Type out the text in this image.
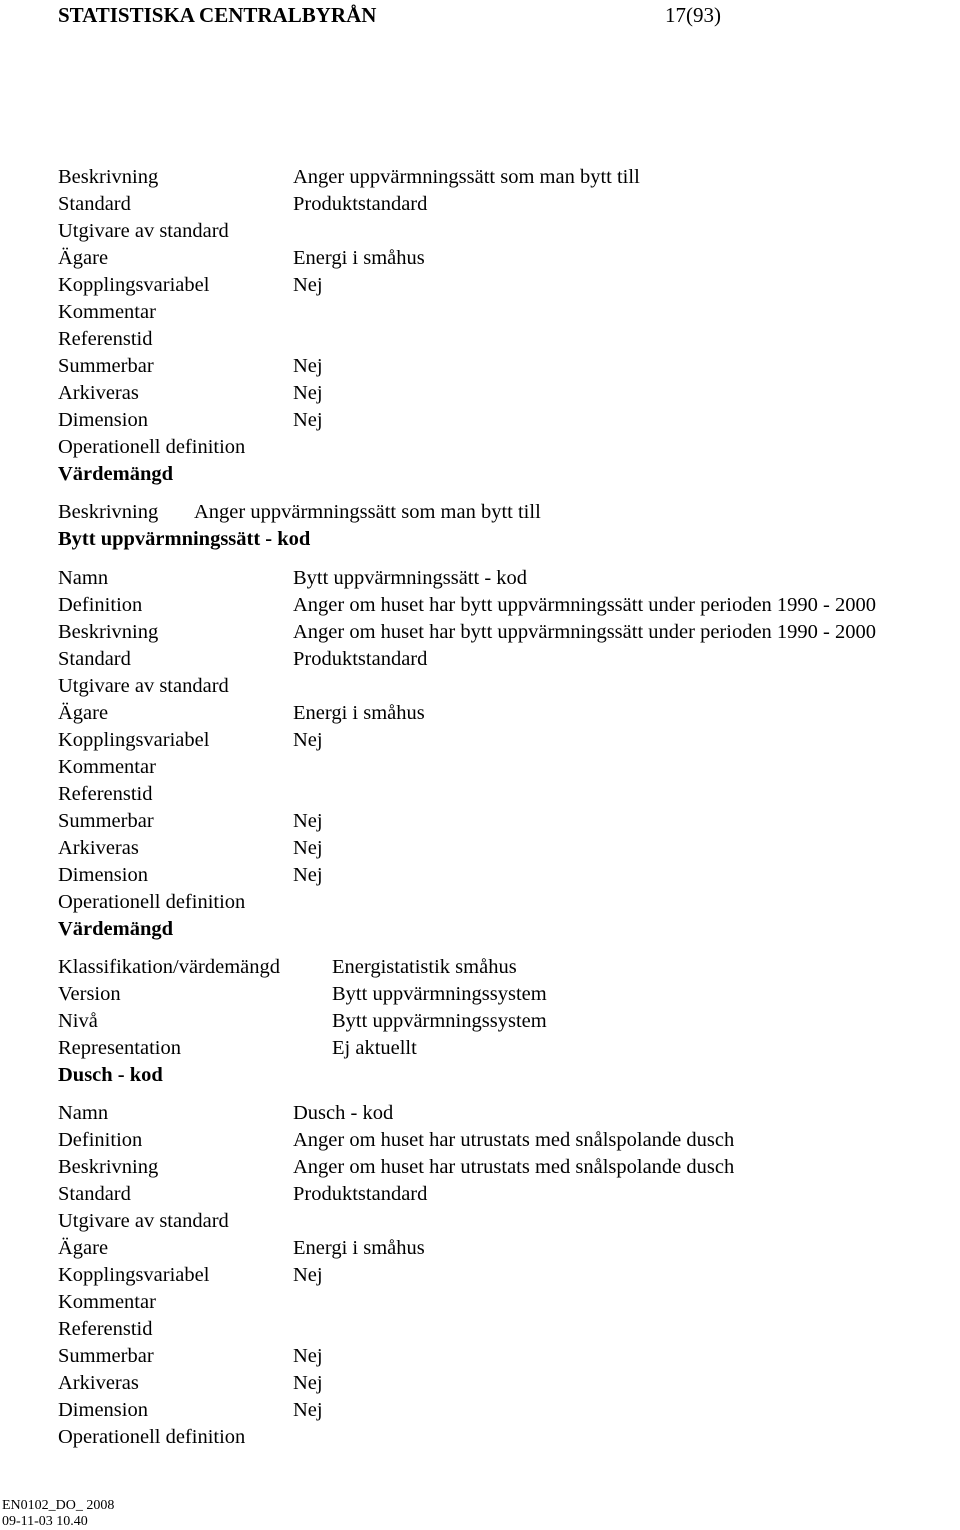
STATISTISKA CENTRALBYRÅN	17(93)
Beskrivning	Anger uppvärmningssätt som man bytt till
Standard	Produktstandard
Utgivare av standard
Ägare	Energi i småhus
Kopplingsvariabel	Nej
Kommentar
Referenstid
Summerbar	Nej
Arkiveras	Nej
Dimension	Nej
Operationell definition
Värdemängd
Beskrivning Anger uppvärmningssätt som man bytt till
Bytt uppvärmningssätt - kod
Namn	Bytt uppvärmningssätt - kod
Definition	Anger om huset har bytt uppvärmningssätt under perioden 1990 - 2000
Beskrivning	Anger om huset har bytt uppvärmningssätt under perioden 1990 - 2000
Standard	Produktstandard
Utgivare av standard
Ägare	Energi i småhus
Kopplingsvariabel	Nej
Kommentar
Referenstid
Summerbar	Nej
Arkiveras	Nej
Dimension	Nej
Operationell definition
Värdemängd
Klassifikation/värdemängd	Energistatistik småhus
Version	Bytt uppvärmningssystem
Nivå	Bytt uppvärmningssystem
Representation	Ej aktuellt
Dusch - kod
Namn	Dusch - kod
Definition	Anger om huset har utrustats med snålspolande dusch
Beskrivning	Anger om huset har utrustats med snålspolande dusch
Standard	Produktstandard
Utgivare av standard
Ägare	Energi i småhus
Kopplingsvariabel	Nej
Kommentar
Referenstid
Summerbar	Nej
Arkiveras	Nej
Dimension	Nej
Operationell definition
EN0102_DO_ 2008
09-11-03 10.40
